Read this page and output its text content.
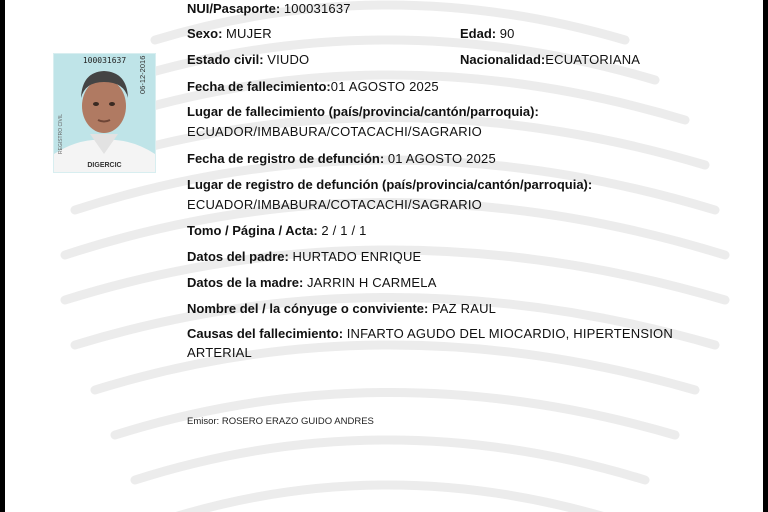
100031637	06-12-2016
REGISTRO CIVIL
DIGERCIC
NUI/Pasaporte: 100031637
Sexo: MUJER	Edad: 90
Estado civil: VIUDO	Nacionalidad:ECUATORIANA
Fecha de fallecimiento:01 AGOSTO 2025
Lugar de fallecimiento (país/provincia/cantón/parroquia):
ECUADOR/IMBABURA/COTACACHI/SAGRARIO
Fecha de registro de defunción: 01 AGOSTO 2025
Lugar de registro de defunción (país/provincia/cantón/parroquia):
ECUADOR/IMBABURA/COTACACHI/SAGRARIO
Tomo / Página / Acta: 2 / 1 / 1
Datos del padre: HURTADO ENRIQUE
Datos de la madre: JARRIN H CARMELA
Nombre del / la cónyuge o conviviente: PAZ RAUL
Causas del fallecimiento: INFARTO AGUDO DEL MIOCARDIO, HIPERTENSION
ARTERIAL
Emisor: ROSERO ERAZO GUIDO ANDRES
